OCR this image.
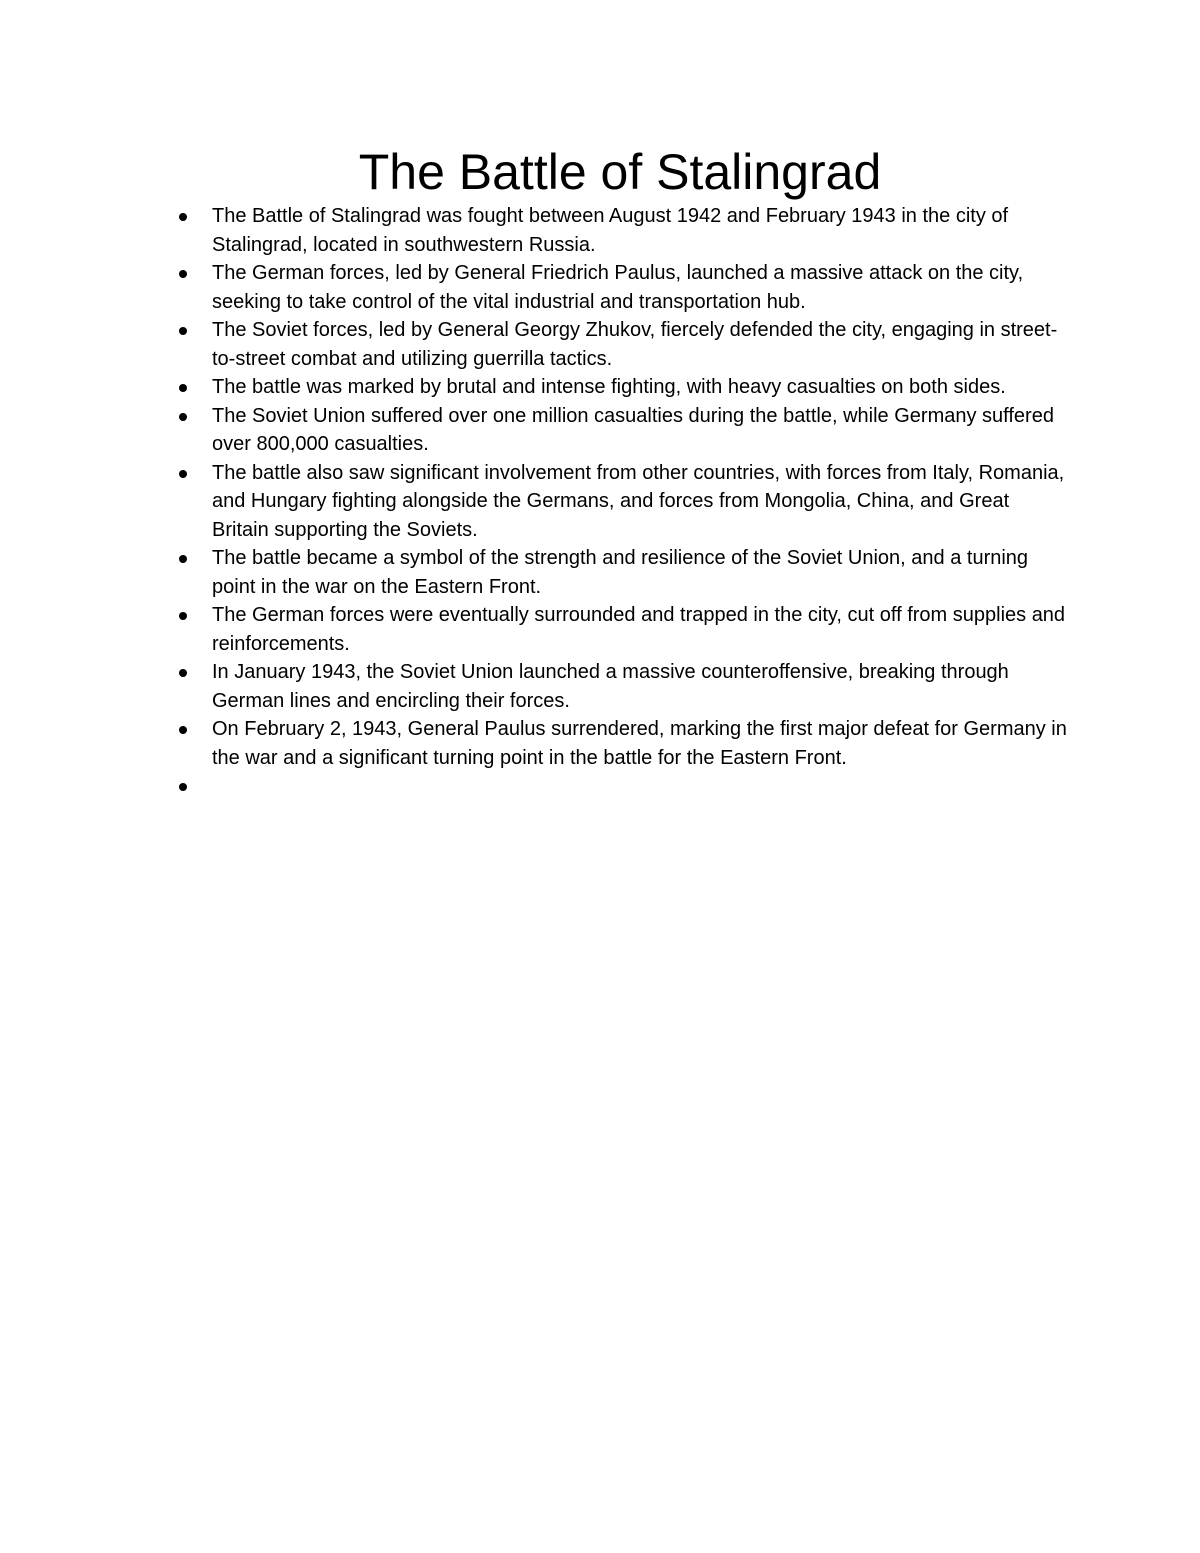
The Battle of Stalingrad
The Battle of Stalingrad was fought between August 1942 and February 1943 in the city of Stalingrad, located in southwestern Russia.
The German forces, led by General Friedrich Paulus, launched a massive attack on the city, seeking to take control of the vital industrial and transportation hub.
The Soviet forces, led by General Georgy Zhukov, fiercely defended the city, engaging in street-to-street combat and utilizing guerrilla tactics.
The battle was marked by brutal and intense fighting, with heavy casualties on both sides.
The Soviet Union suffered over one million casualties during the battle, while Germany suffered over 800,000 casualties.
The battle also saw significant involvement from other countries, with forces from Italy, Romania, and Hungary fighting alongside the Germans, and forces from Mongolia, China, and Great Britain supporting the Soviets.
The battle became a symbol of the strength and resilience of the Soviet Union, and a turning point in the war on the Eastern Front.
The German forces were eventually surrounded and trapped in the city, cut off from supplies and reinforcements.
In January 1943, the Soviet Union launched a massive counteroffensive, breaking through German lines and encircling their forces.
On February 2, 1943, General Paulus surrendered, marking the first major defeat for Germany in the war and a significant turning point in the battle for the Eastern Front.
